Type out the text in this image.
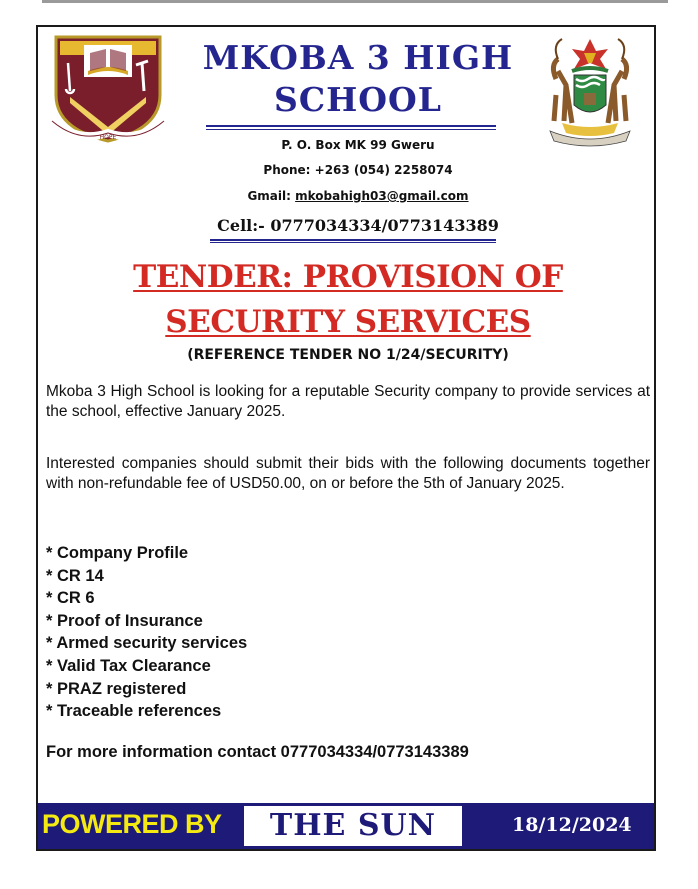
HOPE
MKOBA 3 HIGH SCHOOL
P. O. Box MK 99 Gweru
Phone: +263 (054) 2258074
Gmail: mkobahigh03@gmail.com
Cell:- 0777034334/0773143389
TENDER: PROVISION OF SECURITY SERVICES
(REFERENCE TENDER NO 1/24/SECURITY)
Mkoba 3 High School is looking for a reputable Security company to provide services at the school, effective January 2025.
Interested companies should submit their bids with the following documents together with non-refundable fee of USD50.00, on or before the 5th of January 2025.
* Company Profile
* CR 14
* CR 6
* Proof of Insurance
* Armed security services
* Valid Tax Clearance
* PRAZ registered
* Traceable references
For more information contact 0777034334/0773143389
POWERED BY	THE SUN	18/12/2024
